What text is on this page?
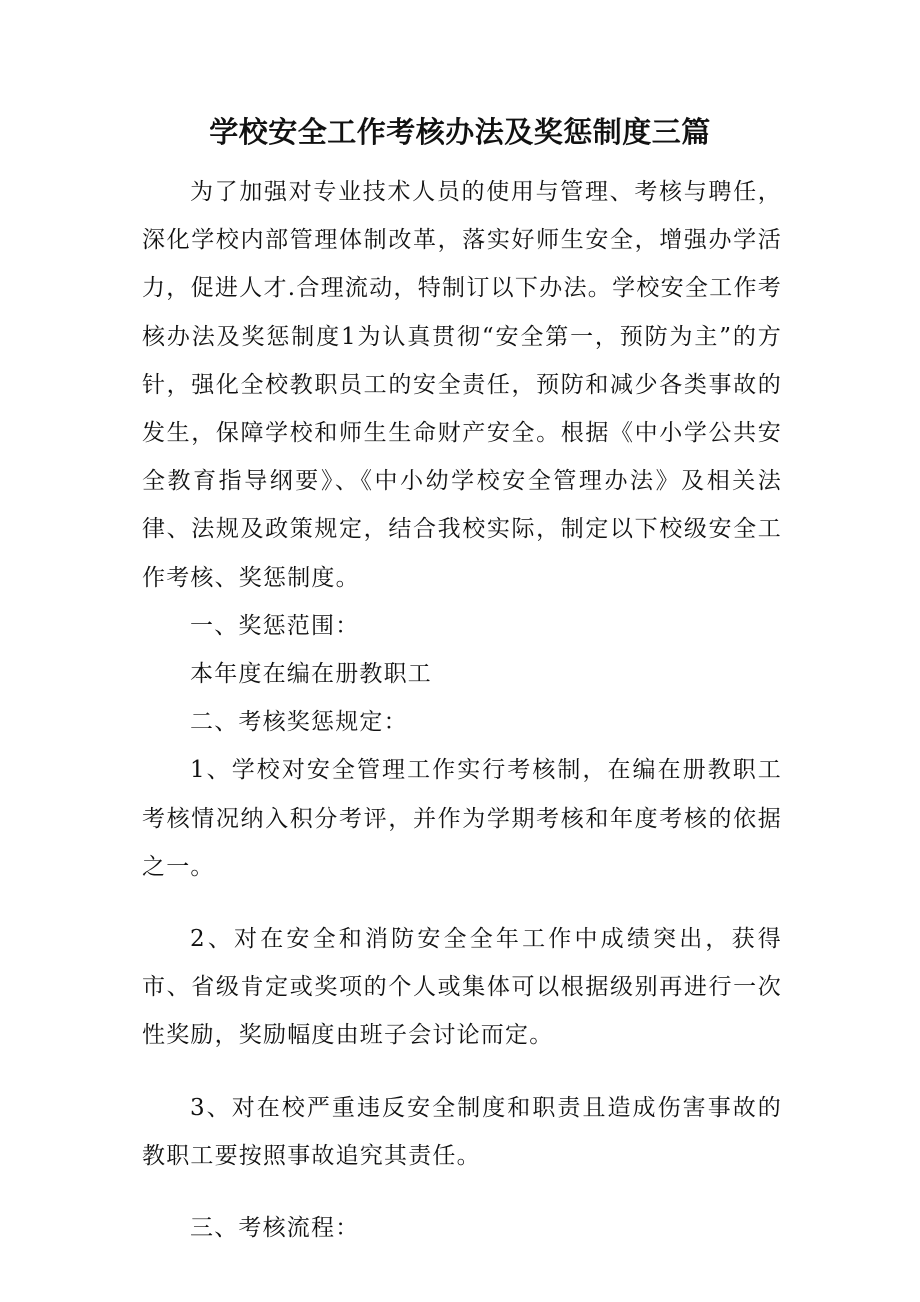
学校安全工作考核办法及奖惩制度三篇

为了加强对专业技术人员的使用与管理、考核与聘任，深化学校内部管理体制改革，落实好师生安全，增强办学活力，促进人才.合理流动，特制订以下办法。学校安全工作考核办法及奖惩制度1为认真贯彻“安全第一，预防为主”的方针，强化全校教职员工的安全责任，预防和减少各类事故的发生，保障学校和师生生命财产安全。根据《中小学公共安全教育指导纲要》、《中小幼学校安全管理办法》及相关法律、法规及政策规定，结合我校实际，制定以下校级安全工作考核、奖惩制度。

一、奖惩范围：

本年度在编在册教职工

二、考核奖惩规定：

1、学校对安全管理工作实行考核制，在编在册教职工考核情况纳入积分考评，并作为学期考核和年度考核的依据之一。

2、对在安全和消防安全全年工作中成绩突出，获得市、省级肯定或奖项的个人或集体可以根据级别再进行一次性奖励，奖励幅度由班子会讨论而定。

3、对在校严重违反安全制度和职责且造成伤害事故的教职工要按照事故追究其责任。

三、考核流程：
